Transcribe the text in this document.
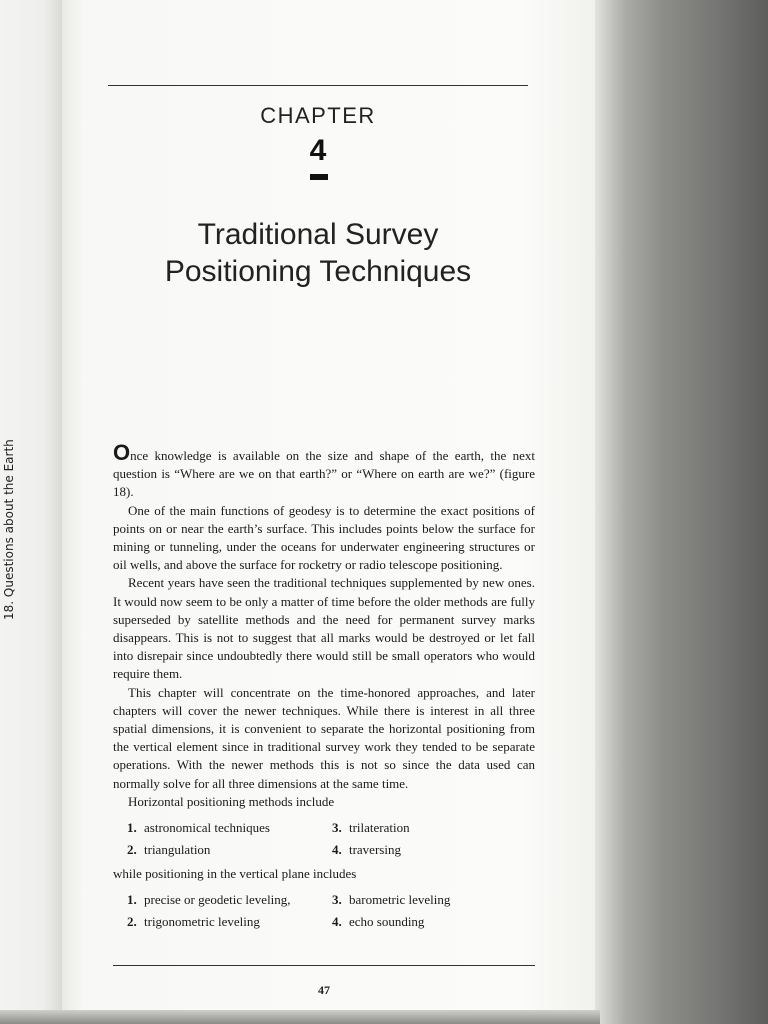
18. Questions about the Earth
CHAPTER
4
Traditional Survey
Positioning Techniques

Once knowledge is available on the size and shape of the earth, the next question is “Where are we on that earth?” or “Where on earth are we?” (figure 18).

One of the main functions of geodesy is to determine the exact positions of points on or near the earth’s surface. This includes points below the surface for mining or tunneling, under the oceans for underwater engineering structures or oil wells, and above the surface for rocketry or radio telescope positioning.

Recent years have seen the traditional techniques supplemented by new ones. It would now seem to be only a matter of time before the older methods are fully superseded by satellite methods and the need for permanent survey marks disappears. This is not to suggest that all marks would be destroyed or let fall into disrepair since undoubtedly there would still be small operators who would require them.

This chapter will concentrate on the time-honored approaches, and later chapters will cover the newer techniques. While there is interest in all three spatial dimensions, it is convenient to separate the horizontal positioning from the vertical element since in traditional survey work they tended to be separate operations. With the newer methods this is not so since the data used can normally solve for all three dimensions at the same time.

Horizontal positioning methods include

1. astronomical techniques	3. trilateration
2. triangulation	4. traversing

while positioning in the vertical plane includes

1. precise or geodetic leveling,	3. barometric leveling
2. trigonometric leveling	4. echo sounding
47
